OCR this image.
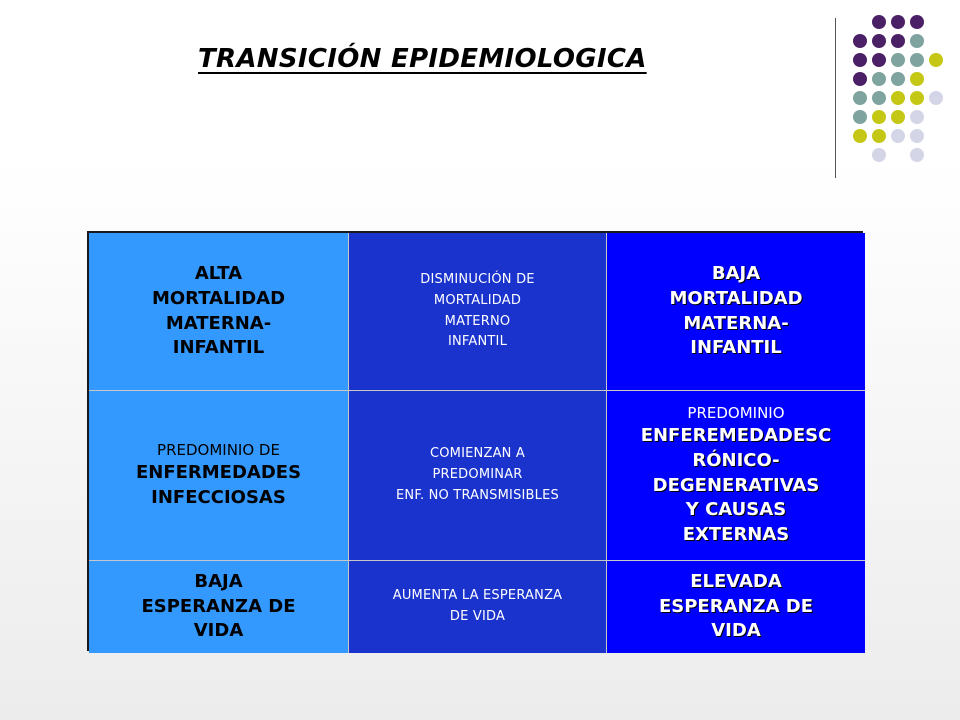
TRANSICIÓN EPIDEMIOLOGICA
ALTA
MORTALIDAD
MATERNA-
INFANTIL
DISMINUCIÓN DE
MORTALIDAD
MATERNO
INFANTIL
BAJA
MORTALIDAD
MATERNA-
INFANTIL
PREDOMINIO DE
ENFERMEDADES
INFECCIOSAS
COMIENZAN A
PREDOMINAR
ENF. NO TRANSMISIBLES
PREDOMINIO
ENFEREMEDADESC
RÓNICO-
DEGENERATIVAS
Y CAUSAS
EXTERNAS
BAJA
ESPERANZA DE
VIDA
AUMENTA LA ESPERANZA
DE VIDA
ELEVADA
ESPERANZA DE
VIDA
